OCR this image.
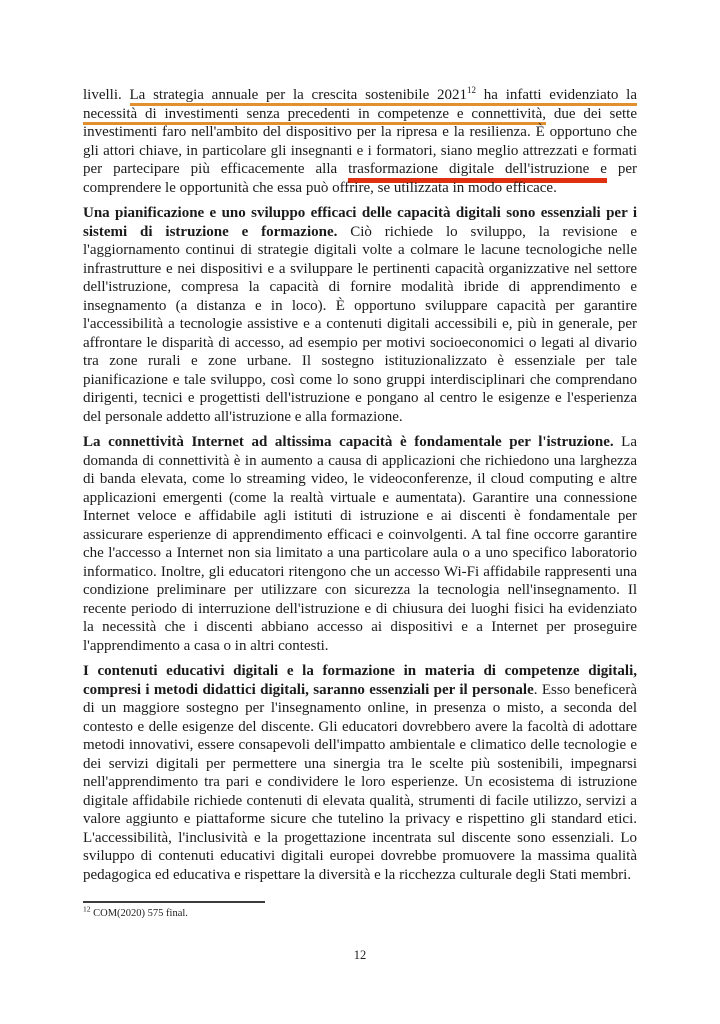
livelli. La strategia annuale per la crescita sostenibile 2021$^{12}$ ha infatti evidenziato la necessità di investimenti senza precedenti in competenze e connettività, due dei sette investimenti faro nell'ambito del dispositivo per la ripresa e la resilienza. È opportuno che gli attori chiave, in particolare gli insegnanti e i formatori, siano meglio attrezzati e formati per partecipare più efficacemente alla trasformazione digitale dell'istruzione e per comprendere le opportunità che essa può offrire, se utilizzata in modo efficace.

Una pianificazione e uno sviluppo efficaci delle capacità digitali sono essenziali per i sistemi di istruzione e formazione. Ciò richiede lo sviluppo, la revisione e l'aggiornamento continui di strategie digitali volte a colmare le lacune tecnologiche nelle infrastrutture e nei dispositivi e a sviluppare le pertinenti capacità organizzative nel settore dell'istruzione, compresa la capacità di fornire modalità ibride di apprendimento e insegnamento (a distanza e in loco). È opportuno sviluppare capacità per garantire l'accessibilità a tecnologie assistive e a contenuti digitali accessibili e, più in generale, per affrontare le disparità di accesso, ad esempio per motivi socioeconomici o legati al divario tra zone rurali e zone urbane. Il sostegno istituzionalizzato è essenziale per tale pianificazione e tale sviluppo, così come lo sono gruppi interdisciplinari che comprendano dirigenti, tecnici e progettisti dell'istruzione e pongano al centro le esigenze e l'esperienza del personale addetto all'istruzione e alla formazione.

La connettività Internet ad altissima capacità è fondamentale per l'istruzione. La domanda di connettività è in aumento a causa di applicazioni che richiedono una larghezza di banda elevata, come lo streaming video, le videoconferenze, il cloud computing e altre applicazioni emergenti (come la realtà virtuale e aumentata). Garantire una connessione Internet veloce e affidabile agli istituti di istruzione e ai discenti è fondamentale per assicurare esperienze di apprendimento efficaci e coinvolgenti. A tal fine occorre garantire che l'accesso a Internet non sia limitato a una particolare aula o a uno specifico laboratorio informatico. Inoltre, gli educatori ritengono che un accesso Wi-Fi affidabile rappresenti una condizione preliminare per utilizzare con sicurezza la tecnologia nell'insegnamento. Il recente periodo di interruzione dell'istruzione e di chiusura dei luoghi fisici ha evidenziato la necessità che i discenti abbiano accesso ai dispositivi e a Internet per proseguire l'apprendimento a casa o in altri contesti.

I contenuti educativi digitali e la formazione in materia di competenze digitali, compresi i metodi didattici digitali, saranno essenziali per il personale. Esso beneficerà di un maggiore sostegno per l'insegnamento online, in presenza o misto, a seconda del contesto e delle esigenze del discente. Gli educatori dovrebbero avere la facoltà di adottare metodi innovativi, essere consapevoli dell'impatto ambientale e climatico delle tecnologie e dei servizi digitali per permettere una sinergia tra le scelte più sostenibili, impegnarsi nell'apprendimento tra pari e condividere le loro esperienze. Un ecosistema di istruzione digitale affidabile richiede contenuti di elevata qualità, strumenti di facile utilizzo, servizi a valore aggiunto e piattaforme sicure che tutelino la privacy e rispettino gli standard etici. L'accessibilità, l'inclusività e la progettazione incentrata sul discente sono essenziali. Lo sviluppo di contenuti educativi digitali europei dovrebbe promuovere la massima qualità pedagogica ed educativa e rispettare la diversità e la ricchezza culturale degli Stati membri.

$^{12}$ COM(2020) 575 final.
12
